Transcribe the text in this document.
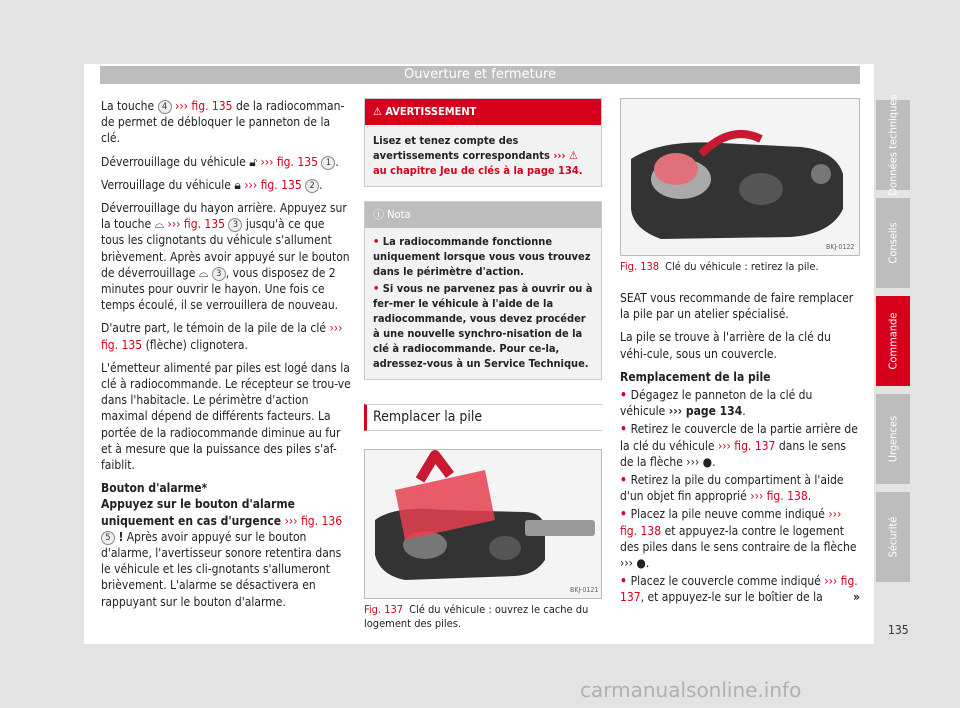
Ouverture et fermeture

La touche 4 ››› fig. 135 de la radiocomman-de permet de débloquer le panneton de la clé.

Déverrouillage du véhicule 🔓︎ ››› fig. 135 1 .

Verrouillage du véhicule 🔒︎ ››› fig. 135 2 .

Déverrouillage du hayon arrière. Appuyez sur la touche ⌓ ››› fig. 135 3 jusqu'à ce que tous les clignotants du véhicule s'allument brièvement. Après avoir appuyé sur le bouton de déverrouillage ⌓ 3 , vous disposez de 2 minutes pour ouvrir le hayon. Une fois ce temps écoulé, il se verrouillera de nouveau.

D'autre part, le témoin de la pile de la clé ››› fig. 135 (flèche) clignotera.

L'émetteur alimenté par piles est logé dans la clé à radiocommande. Le récepteur se trou-ve dans l'habitacle. Le périmètre d'action maximal dépend de différents facteurs. La portée de la radiocommande diminue au fur et à mesure que la puissance des piles s'af-faiblit.

Bouton d'alarme*

Appuyez sur le bouton d'alarme uniquement en cas d'urgence ››› fig. 136 5 ! Après avoir appuyé sur le bouton d'alarme, l'avertisseur sonore retentira dans le véhicule et les cli-gnotants s'allumeront brièvement. L'alarme se désactivera en rappuyant sur le bouton d'alarme.

⚠ AVERTISSEMENT
Lisez et tenez compte des avertissements correspondants ››› ⚠ au chapitre Jeu de clés à la page 134.
ⓘ Nota
• La radiocommande fonctionne uniquement lorsque vous vous trouvez dans le périmètre d'action.
• Si vous ne parvenez pas à ouvrir ou à fer-mer le véhicule à l'aide de la radiocommande, vous devez procéder à une nouvelle synchro-nisation de la clé à radiocommande. Pour ce-la, adressez-vous à un Service Technique.
Remplacer la pile
BKJ-0121
Fig. 137 Clé du véhicule : ouvrez le cache du logement des piles.
BKJ-0122
Fig. 138 Clé du véhicule : retirez la pile.

SEAT vous recommande de faire remplacer la pile par un atelier spécialisé.

La pile se trouve à l'arrière de la clé du véhi-cule, sous un couvercle.

Remplacement de la pile

• Dégagez le panneton de la clé du véhicule ››› page 134.
• Retirez le couvercle de la partie arrière de la clé du véhicule ››› fig. 137 dans le sens de la flèche ››› ●.
• Retirez la pile du compartiment à l'aide d'un objet fin approprié ››› fig. 138.
• Placez la pile neuve comme indiqué ››› fig. 138 et appuyez-la contre le logement des piles dans le sens contraire de la flèche ››› ●.
• Placez le couvercle comme indiqué ››› fig. 137, et appuyez-le sur le boîtier de la	»
Données techniques
Conseils
Commande
Urgences
Sécurité
135
carmanualsonline.info
